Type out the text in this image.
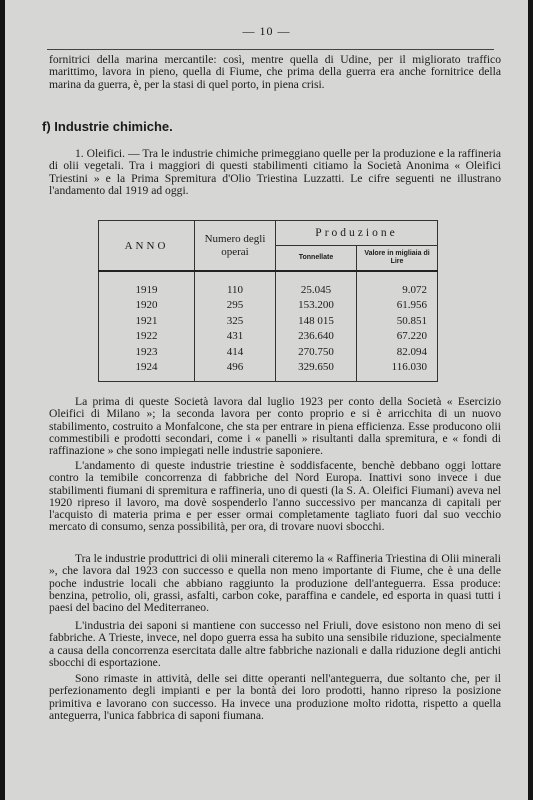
— 10 —

fornitrici della marina mercantile: così, mentre quella di Udine, per il migliorato traffico marittimo, lavora in pieno, quella di Fiume, che prima della guerra era anche fornitrice della marina da guerra, è, per la stasi di quel porto, in piena crisi.

f) Industrie chimiche.

1. Oleifici. — Tra le industrie chimiche primeggiano quelle per la produzione e la raffineria di olii vegetali. Tra i maggiori di questi stabilimenti citiamo la Società Anonima « Oleifici Triestini » e la Prima Spremitura d'Olio Triestina Luzzatti. Le cifre seguenti ne illustrano l'andamento dal 1919 ad oggi.

ANNO	Numero degli operai	Produzione	
		Tonnellate	Valore in migliaia di Lire
1919	110	25.045	9.072
1920	295	153.200	61.956
1921	325	148 015	50.851
1922	431	236.640	67.220
1923	414	270.750	82.094
1924	496	329.650	116.030

La prima di queste Società lavora dal luglio 1923 per conto della Società « Esercizio Oleifici di Milano »; la seconda lavora per conto proprio e si è arricchita di un nuovo stabilimento, costruito a Monfalcone, che sta per entrare in piena efficienza. Esse producono olii commestibili e prodotti secondari, come i « panelli » risultanti dalla spremitura, e « fondi di raffinazione » che sono impiegati nelle industrie saponiere.

L'andamento di queste industrie triestine è soddisfacente, benchè debbano oggi lottare contro la temibile concorrenza di fabbriche del Nord Europa. Inattivi sono invece i due stabilimenti fiumani di spremitura e raffineria, uno di questi (la S. A. Oleifici Fiumani) aveva nel 1920 ripreso il lavoro, ma dovè sospenderlo l'anno successivo per mancanza di capitali per l'acquisto di materia prima e per esser ormai completamente tagliato fuori dal suo vecchio mercato di consumo, senza possibilità, per ora, di trovare nuovi sbocchi.

Tra le industrie produttrici di olii minerali citeremo la « Raffineria Triestina di Olii minerali », che lavora dal 1923 con successo e quella non meno importante di Fiume, che è una delle poche industrie locali che abbiano raggiunto la produzione dell'anteguerra. Essa produce: benzina, petrolio, oli, grassi, asfalti, carbon coke, paraffina e candele, ed esporta in quasi tutti i paesi del bacino del Mediterraneo.

L'industria dei saponi si mantiene con successo nel Friuli, dove esistono non meno di sei fabbriche. A Trieste, invece, nel dopo guerra essa ha subito una sensibile riduzione, specialmente a causa della concorrenza esercitata dalle altre fabbriche nazionali e dalla riduzione degli antichi sbocchi di esportazione.

Sono rimaste in attività, delle sei ditte operanti nell'anteguerra, due soltanto che, per il perfezionamento degli impianti e per la bontà dei loro prodotti, hanno ripreso la posizione primitiva e lavorano con successo. Ha invece una produzione molto ridotta, rispetto a quella anteguerra, l'unica fabbrica di saponi fiumana.
